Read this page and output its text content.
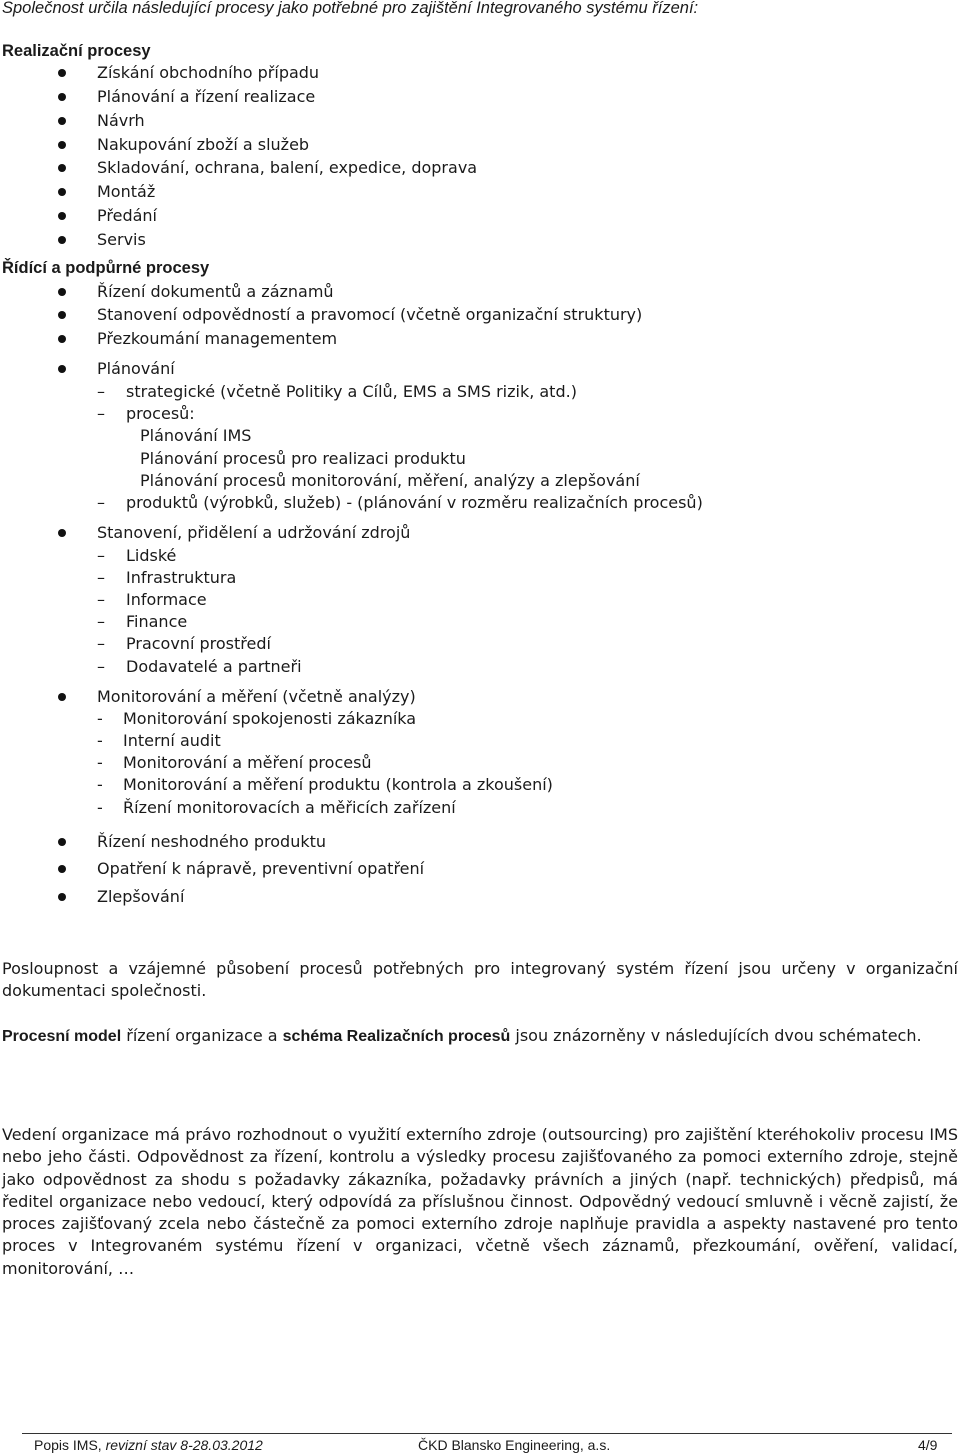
Společnost určila následující procesy jako potřebné pro zajištění Integrovaného systému řízení:
Realizační procesy
Získání obchodního případu
Plánování a řízení realizace
Návrh
Nakupování zboží a služeb
Skladování, ochrana, balení, expedice, doprava
Montáž
Předání
Servis
Řídící a podpůrné procesy
Řízení dokumentů a záznamů
Stanovení odpovědností a pravomocí (včetně organizační struktury)
Přezkoumání managementem
Plánování
– strategické (včetně Politiky a Cílů, EMS a SMS rizik, atd.)
– procesů:
Plánování IMS
Plánování procesů pro realizaci produktu
Plánování procesů monitorování, měření, analýzy a zlepšování
– produktů (výrobků, služeb) - (plánování v rozměru realizačních procesů)
Stanovení, přidělení a udržování zdrojů
– Lidské
– Infrastruktura
– Informace
– Finance
– Pracovní prostředí
– Dodavatelé a partneři
Monitorování a měření (včetně analýzy)
- Monitorování spokojenosti zákazníka
- Interní audit
- Monitorování a měření procesů
- Monitorování a měření produktu (kontrola a zkoušení)
- Řízení monitorovacích a měřicích zařízení
Řízení neshodného produktu
Opatření k nápravě, preventivní opatření
Zlepšování
Posloupnost a vzájemné působení procesů potřebných pro integrovaný systém řízení jsou určeny v organizační dokumentaci společnosti.
Procesní model řízení organizace a schéma Realizačních procesů jsou znázorněny v následujících dvou schématech.
Vedení organizace má právo rozhodnout o využití externího zdroje (outsourcing) pro zajištění kteréhokoliv procesu IMS nebo jeho části. Odpovědnost za řízení, kontrolu a výsledky procesu zajišťovaného za pomoci externího zdroje, stejně jako odpovědnost za shodu s požadavky zákazníka, požadavky právních a jiných (např. technických) předpisů, má ředitel organizace nebo vedoucí, který odpovídá za příslušnou činnost. Odpovědný vedoucí smluvně i věcně zajistí, že proces zajišťovaný zcela nebo částečně za pomoci externího zdroje naplňuje pravidla a aspekty nastavené pro tento proces v Integrovaném systému řízení v organizaci, včetně všech záznamů, přezkoumání, ověření, validací, monitorování, …
Popis IMS, revizní stav 8-28.03.2012	ČKD Blansko Engineering, a.s.	4/9
